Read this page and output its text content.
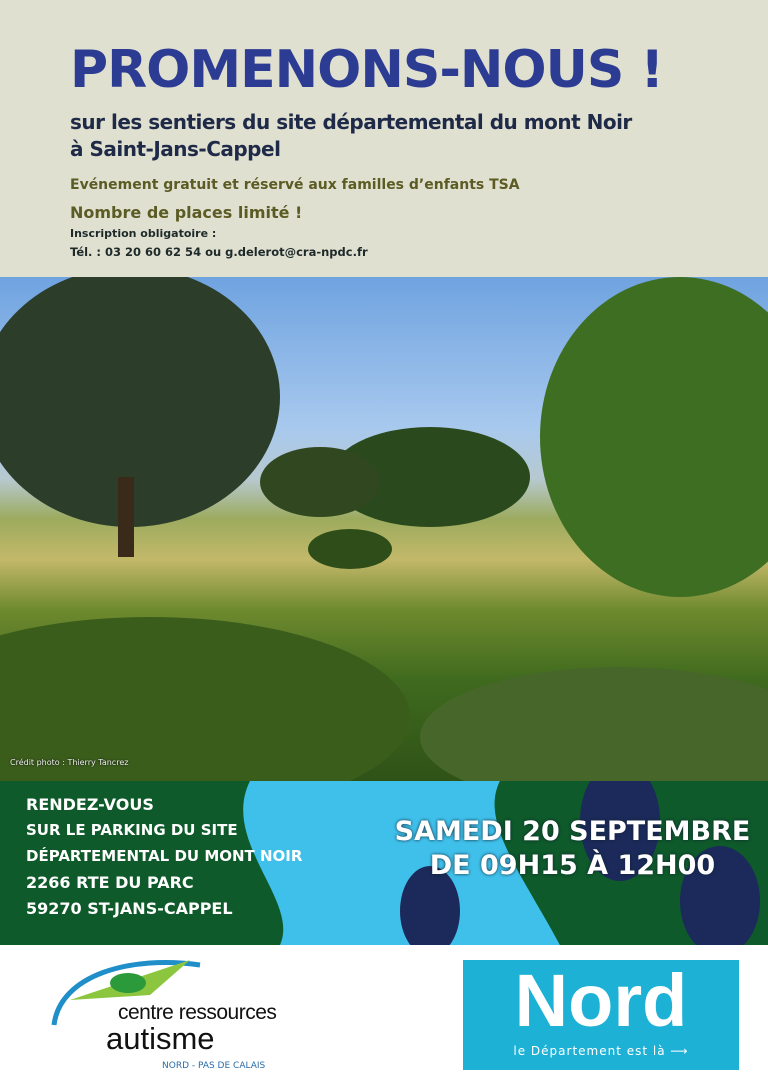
PROMENONS-NOUS !
sur les sentiers du site départemental du mont Noir
à Saint-Jans-Cappel
Evénement gratuit et réservé aux familles d’enfants TSA
Nombre de places limité !
Inscription obligatoire :
Tél. : 03 20 60 62 54 ou g.delerot@cra-npdc.fr
Crédit photo : Thierry Tancrez
RENDEZ-VOUS
SUR LE PARKING DU SITE
DÉPARTEMENTAL DU MONT NOIR
2266 RTE DU PARC
59270 ST-JANS-CAPPEL
SAMEDI 20 SEPTEMBRE
DE 09H15 À 12H00
centre ressources
autisme
NORD - PAS DE CALAIS
Nord
le Département est là ⟶
